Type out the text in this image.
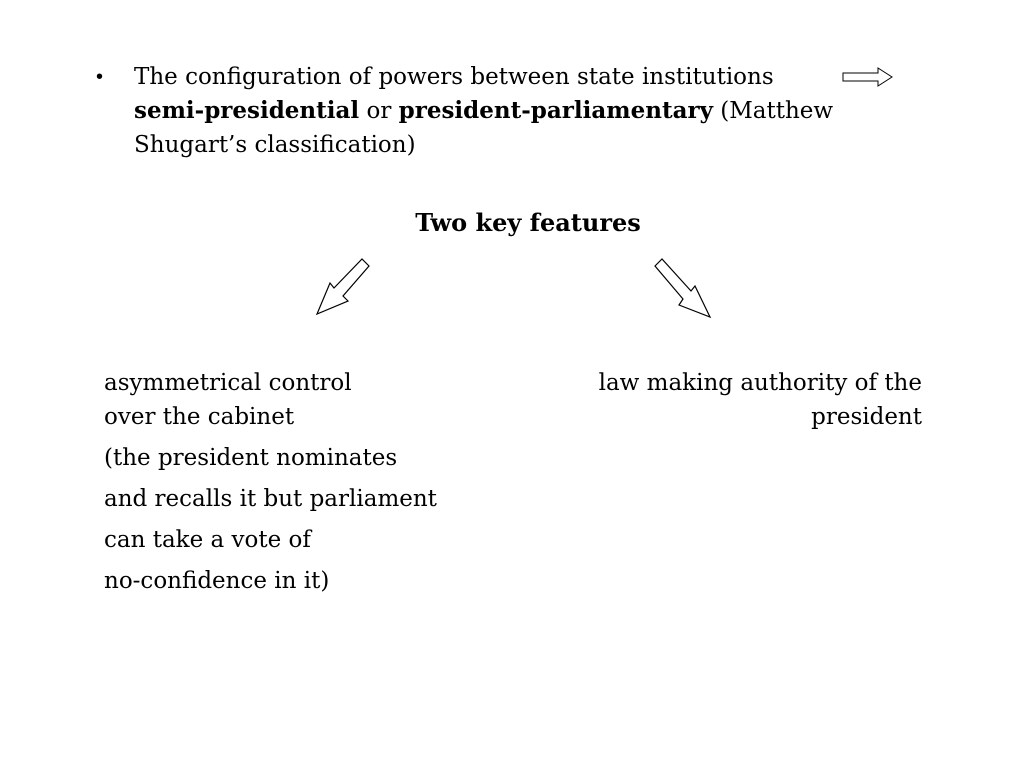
• The configuration of powers between state institutions
semi-presidential or president-parliamentary (Matthew
Shugart’s classification)
Two key features
asymmetrical control
over the cabinet
(the president nominates
and recalls it but parliament
can take a vote of
no-confidence in it)
law making authority of the
president
